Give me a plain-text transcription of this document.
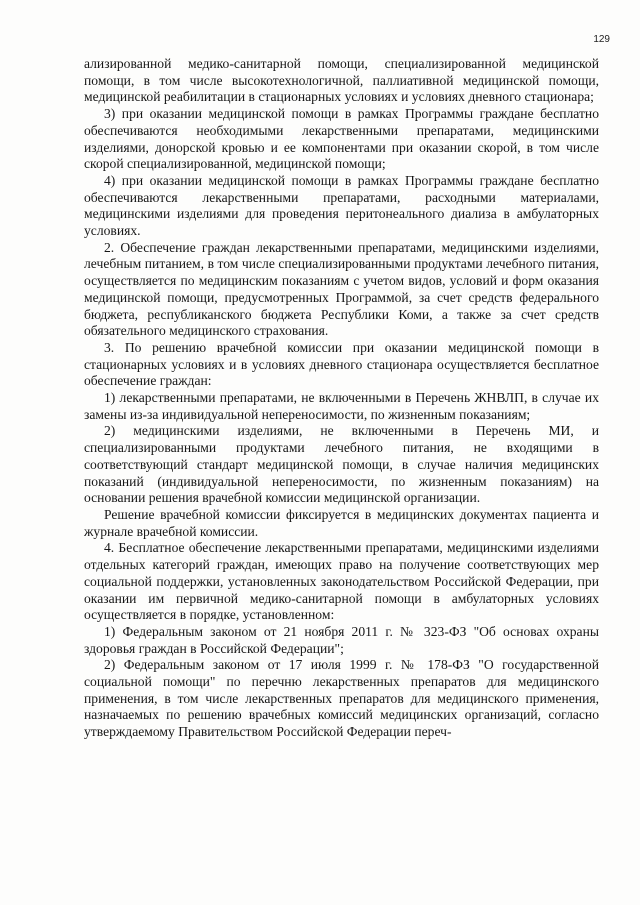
129

ализированной медико-санитарной помощи, специализированной медицинской помощи, в том числе высокотехнологичной, паллиативной медицинской помощи, медицинской реабилитации в стационарных условиях и условиях дневного стационара;

3) при оказании медицинской помощи в рамках Программы граждане бесплатно обеспечиваются необходимыми лекарственными препаратами, медицинскими изделиями, донорской кровью и ее компонентами при оказании скорой, в том числе скорой специализированной, медицинской помощи;

4) при оказании медицинской помощи в рамках Программы граждане бесплатно обеспечиваются лекарственными препаратами, расходными материалами, медицинскими изделиями для проведения перитонеального диализа в амбулаторных условиях.

2. Обеспечение граждан лекарственными препаратами, медицинскими изделиями, лечебным питанием, в том числе специализированными продуктами лечебного питания, осуществляется по медицинским показаниям с учетом видов, условий и форм оказания медицинской помощи, предусмотренных Программой, за счет средств федерального бюджета, республиканского бюджета Республики Коми, а также за счет средств обязательного медицинского страхования.

3. По решению врачебной комиссии при оказании медицинской помощи в стационарных условиях и в условиях дневного стационара осуществляется бесплатное обеспечение граждан:

1) лекарственными препаратами, не включенными в Перечень ЖНВЛП, в случае их замены из-за индивидуальной непереносимости, по жизненным показаниям;

2) медицинскими изделиями, не включенными в Перечень МИ, и специализированными продуктами лечебного питания, не входящими в соответствующий стандарт медицинской помощи, в случае наличия медицинских показаний (индивидуальной непереносимости, по жизненным показаниям) на основании решения врачебной комиссии медицинской организации.

Решение врачебной комиссии фиксируется в медицинских документах пациента и журнале врачебной комиссии.

4. Бесплатное обеспечение лекарственными препаратами, медицинскими изделиями отдельных категорий граждан, имеющих право на получение соответствующих мер социальной поддержки, установленных законодательством Российской Федерации, при оказании им первичной медико-санитарной помощи в амбулаторных условиях осуществляется в порядке, установленном:

1) Федеральным законом от 21 ноября 2011 г. № 323-ФЗ "Об основах охраны здоровья граждан в Российской Федерации";

2) Федеральным законом от 17 июля 1999 г. № 178-ФЗ "О государственной социальной помощи" по перечню лекарственных препаратов для медицинского применения, в том числе лекарственных препаратов для медицинского применения, назначаемых по решению врачебных комиссий медицинских организаций, согласно утверждаемому Правительством Российской Федерации переч-
